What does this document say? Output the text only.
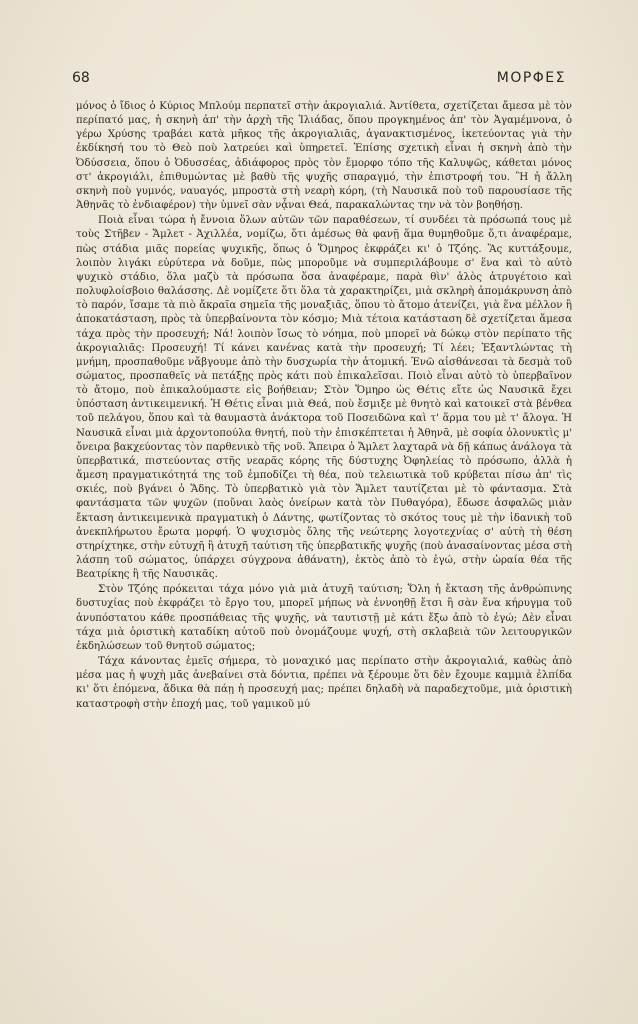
68	ΜΟΡΦΕΣ

μόνος ὁ ἴδιος ὁ Κύριος Μπλούμ περπατεῖ στὴν ἀκρογιαλιά. Ἀντίθετα, σχετίζεται ἄμεσα μὲ τὸν περίπατό μας, ἡ σκηνὴ ἀπ' τὴν ἀρχὴ τῆς Ἰλιάδας, ὅπου προγκημένος ἀπ' τὸν Ἀγαμέμνονα, ὁ γέρω Χρύσης τραβάει κατὰ μῆκος τῆς ἀκρογιαλιᾶς, ἀγανακτισμένος, ἱκετεύοντας γιὰ τὴν ἐκδίκησή του τὸ Θεὸ ποὺ λατρεύει καὶ ὑπηρετεῖ. Ἐπίσης σχετικὴ εἶναι ἡ σκηνὴ ἀπὸ τὴν Ὀδύσσεια, ὅπου ὁ Ὀδυσσέας, ἀδιάφορος πρὸς τὸν ἔμορφο τόπο τῆς Καλυψῶς, κάθεται μόνος στ' ἀκρογιάλι, ἐπιθυμώντας μὲ βαθὺ τῆς ψυχῆς σπαραγμό, τὴν ἐπιστροφή του. Ἢ ἡ ἄλλη σκηνὴ ποὺ γυμνός, ναυαγός, μπροστὰ στὴ νεαρὴ κόρη, (τὴ Ναυσικᾶ ποὺ τοῦ παρουσίασε τῆς Ἀθηνᾶς τὸ ἐνδιαφέρον) τὴν ὑμνεῖ σὰν νᾆναι Θεά, παρακαλώντας την νὰ τὸν βοηθήσῃ.

Ποιὰ εἶναι τώρα ἡ ἔννοια ὅλων αὐτῶν τῶν παραθέσεων, τί συνδέει τὰ πρόσωπά τους μὲ τοὺς Στῆβεν - Ἄμλετ - Ἀχιλλέα, νομίζω, ὅτι ἀμέσως θὰ φανῇ ἅμα θυμηθοῦμε ὅ,τι ἀναφέραμε, πὼς στάδια μιᾶς πορείας ψυχικῆς, ὅπως ὁ Ὅμηρος ἐκφράζει κι' ὁ Τζόης. Ἂς κυττάξουμε, λοιπὸν λιγάκι εὐρύτερα νὰ δοῦμε, πὼς μποροῦμε νὰ συμπεριλάβουμε σ' ἕνα καὶ τὸ αὐτὸ ψυχικὸ στάδιο, ὅλα μαζὺ τὰ πρόσωπα ὅσα ἀναφέραμε, παρὰ θὶν' ἁλὸς ἀτρυγέτοιο καὶ πολυφλοίσβοιο θαλάσσης. Δὲ νομίζετε ὅτι ὅλα τὰ χαρακτηρίζει, μιὰ σκληρὴ ἀπομάκρυνση ἀπὸ τὸ παρόν, ἴσαμε τὰ πιὸ ἄκραῖα σημεῖα τῆς μοναξιᾶς, ὅπου τὸ ἄτομο ἀτενίζει, γιὰ ἕνα μέλλον ἢ ἀποκατάσταση, πρὸς τὰ ὑπερβαίνοντα τὸν κόσμο; Μιὰ τέτοια κατάσταση δὲ σχετίζεται ἄμεσα τάχα πρὸς τὴν προσευχή; Νά! λοιπὸν ἴσως τὸ νόημα, ποὺ μπορεῖ νὰ δώκῳ στὸν περίπατο τῆς ἀκρογιαλιᾶς: Προσευχή! Τί κάνει κανένας κατὰ τὴν προσευχή; Τί λέει; Ἐξαντλώντας τὴ μνήμη, προσπαθοῦμε νἄβγουμε ἀπὸ τὴν δυσχωρία τὴν ἀτομική. Ἐνῶ αἰσθάνεσαι τὰ δεσμὰ τοῦ σώματος, προσπαθεῖς νὰ πετάξῃς πρὸς κάτι ποὺ ἐπικαλεῖσαι. Ποιὸ εἶναι αὐτὸ τὸ ὑπερβαῖνον τὸ ἄτομο, ποὺ ἐπικαλούμαστε εἰς βοήθειαν; Στὸν Ὅμηρο ὡς Θέτις εἴτε ὡς Ναυσικᾶ ἔχει ὑπόσταση ἀντικειμενική. Ἡ Θέτις εἶναι μιὰ Θεά, ποὺ ἔσμιξε μὲ θνητὸ καὶ κατοικεῖ στὰ βένθεα τοῦ πελάγου, ὅπου καὶ τὰ θαυμαστὰ ἀνάκτορα τοῦ Ποσειδῶνα καὶ τ' ἅρμα του μὲ τ' ἄλογα. Ἡ Ναυσικᾶ εἶναι μιὰ ἀρχοντοπούλα θνητή, ποὺ τὴν ἐπισκέπτεται ἡ Ἀθηνᾶ, μὲ σοφία ὁλονυκτὶς μ' ὄνειρα βακχεύοντας τὸν παρθενικὸ τῆς νοῦ. Ἄπειρα ὁ Ἄμλετ λαχταρᾶ νὰ δῇ κάπως ἀνάλογα τὰ ὑπερβατικά, πιστεύοντας στῆς νεαρᾶς κόρης τῆς δύστυχης Ὀφηλείας τὸ πρόσωπο, ἀλλὰ ἡ ἄμεση πραγματικότητά της τοῦ ἐμποδίζει τὴ θέα, ποὺ τελειωτικὰ τοῦ κρύβεται πίσω ἀπ' τὶς σκιές, ποὺ βγάνει ὁ Ἅδης. Τὸ ὑπερβατικὸ γιὰ τὸν Ἄμλετ ταυτίζεται μὲ τὸ φάντασμα. Στὰ φαντάσματα τῶν ψυχῶν (ποὔναι λαὸς ὀνείρων κατὰ τὸν Πυθαγόρα), ἔδωσε ἀσφαλῶς μιὰν ἔκταση ἀντικειμενικὰ πραγματικὴ ὁ Δάντης, φωτίζοντας τὸ σκότος τους μὲ τὴν ἰδανικὴ τοῦ ἀνεκπλήρωτου ἔρωτα μορφή. Ὁ ψυχισμὸς ὅλης τῆς νεώτερης λογοτεχνίας σ' αὐτὴ τὴ θέση στηρίχτηκε, στὴν εὐτυχῆ ἢ ἀτυχῆ ταύτιση τῆς ὑπερβατικῆς ψυχῆς (ποὺ ἀνασαίνοντας μέσα στὴ λάσπη τοῦ σώματος, ὑπάρχει σύγχρονα ἀθάνατη), ἐκτὸς ἀπὸ τὸ ἐγώ, στὴν ὡραία θέα τῆς Βεατρίκης ἢ τῆς Ναυσικᾶς.

Στὸν Τζόης πρόκειται τάχα μόνο γιὰ μιὰ ἀτυχῆ ταύτιση; Ὅλη ἡ ἔκταση τῆς ἀνθρώπινης δυστυχίας ποὺ ἐκφράζει τὸ ἔργο του, μπορεῖ μήπως νὰ ἐννοηθῇ ἔτσι ἢ σὰν ἕνα κήρυγμα τοῦ ἀνυπόστατου κάθε προσπάθειας τῆς ψυχῆς, νὰ ταυτιστῇ μὲ κάτι ἔξω ἀπὸ τὸ ἐγώ; Δὲν εἶναι τάχα μιὰ ὁριστικὴ καταδίκη αὐτοῦ ποὺ ὀνομάζουμε ψυχή, στὴ σκλαβειὰ τῶν λειτουργικῶν ἐκδηλώσεων τοῦ θνητοῦ σώματος;

Τάχα κάνοντας ἐμεῖς σήμερα, τὸ μοναχικό μας περίπατο στὴν ἀκρογιαλιά, καθὼς ἀπὸ μέσα μας ἡ ψυχὴ μᾶς ἀνεβαίνει στὰ δόντια, πρέπει νὰ ξέρουμε ὅτι δὲν ἔχουμε καμμιὰ ἐλπίδα κι' ὅτι ἐπόμενα, ἄδικα θὰ πάῃ ἡ προσευχή μας; πρέπει δηλαδὴ νὰ παραδεχτοῦμε, μιὰ ὁριστικὴ καταστροφὴ στὴν ἐποχή μας, τοῦ γαμικοῦ μύ
